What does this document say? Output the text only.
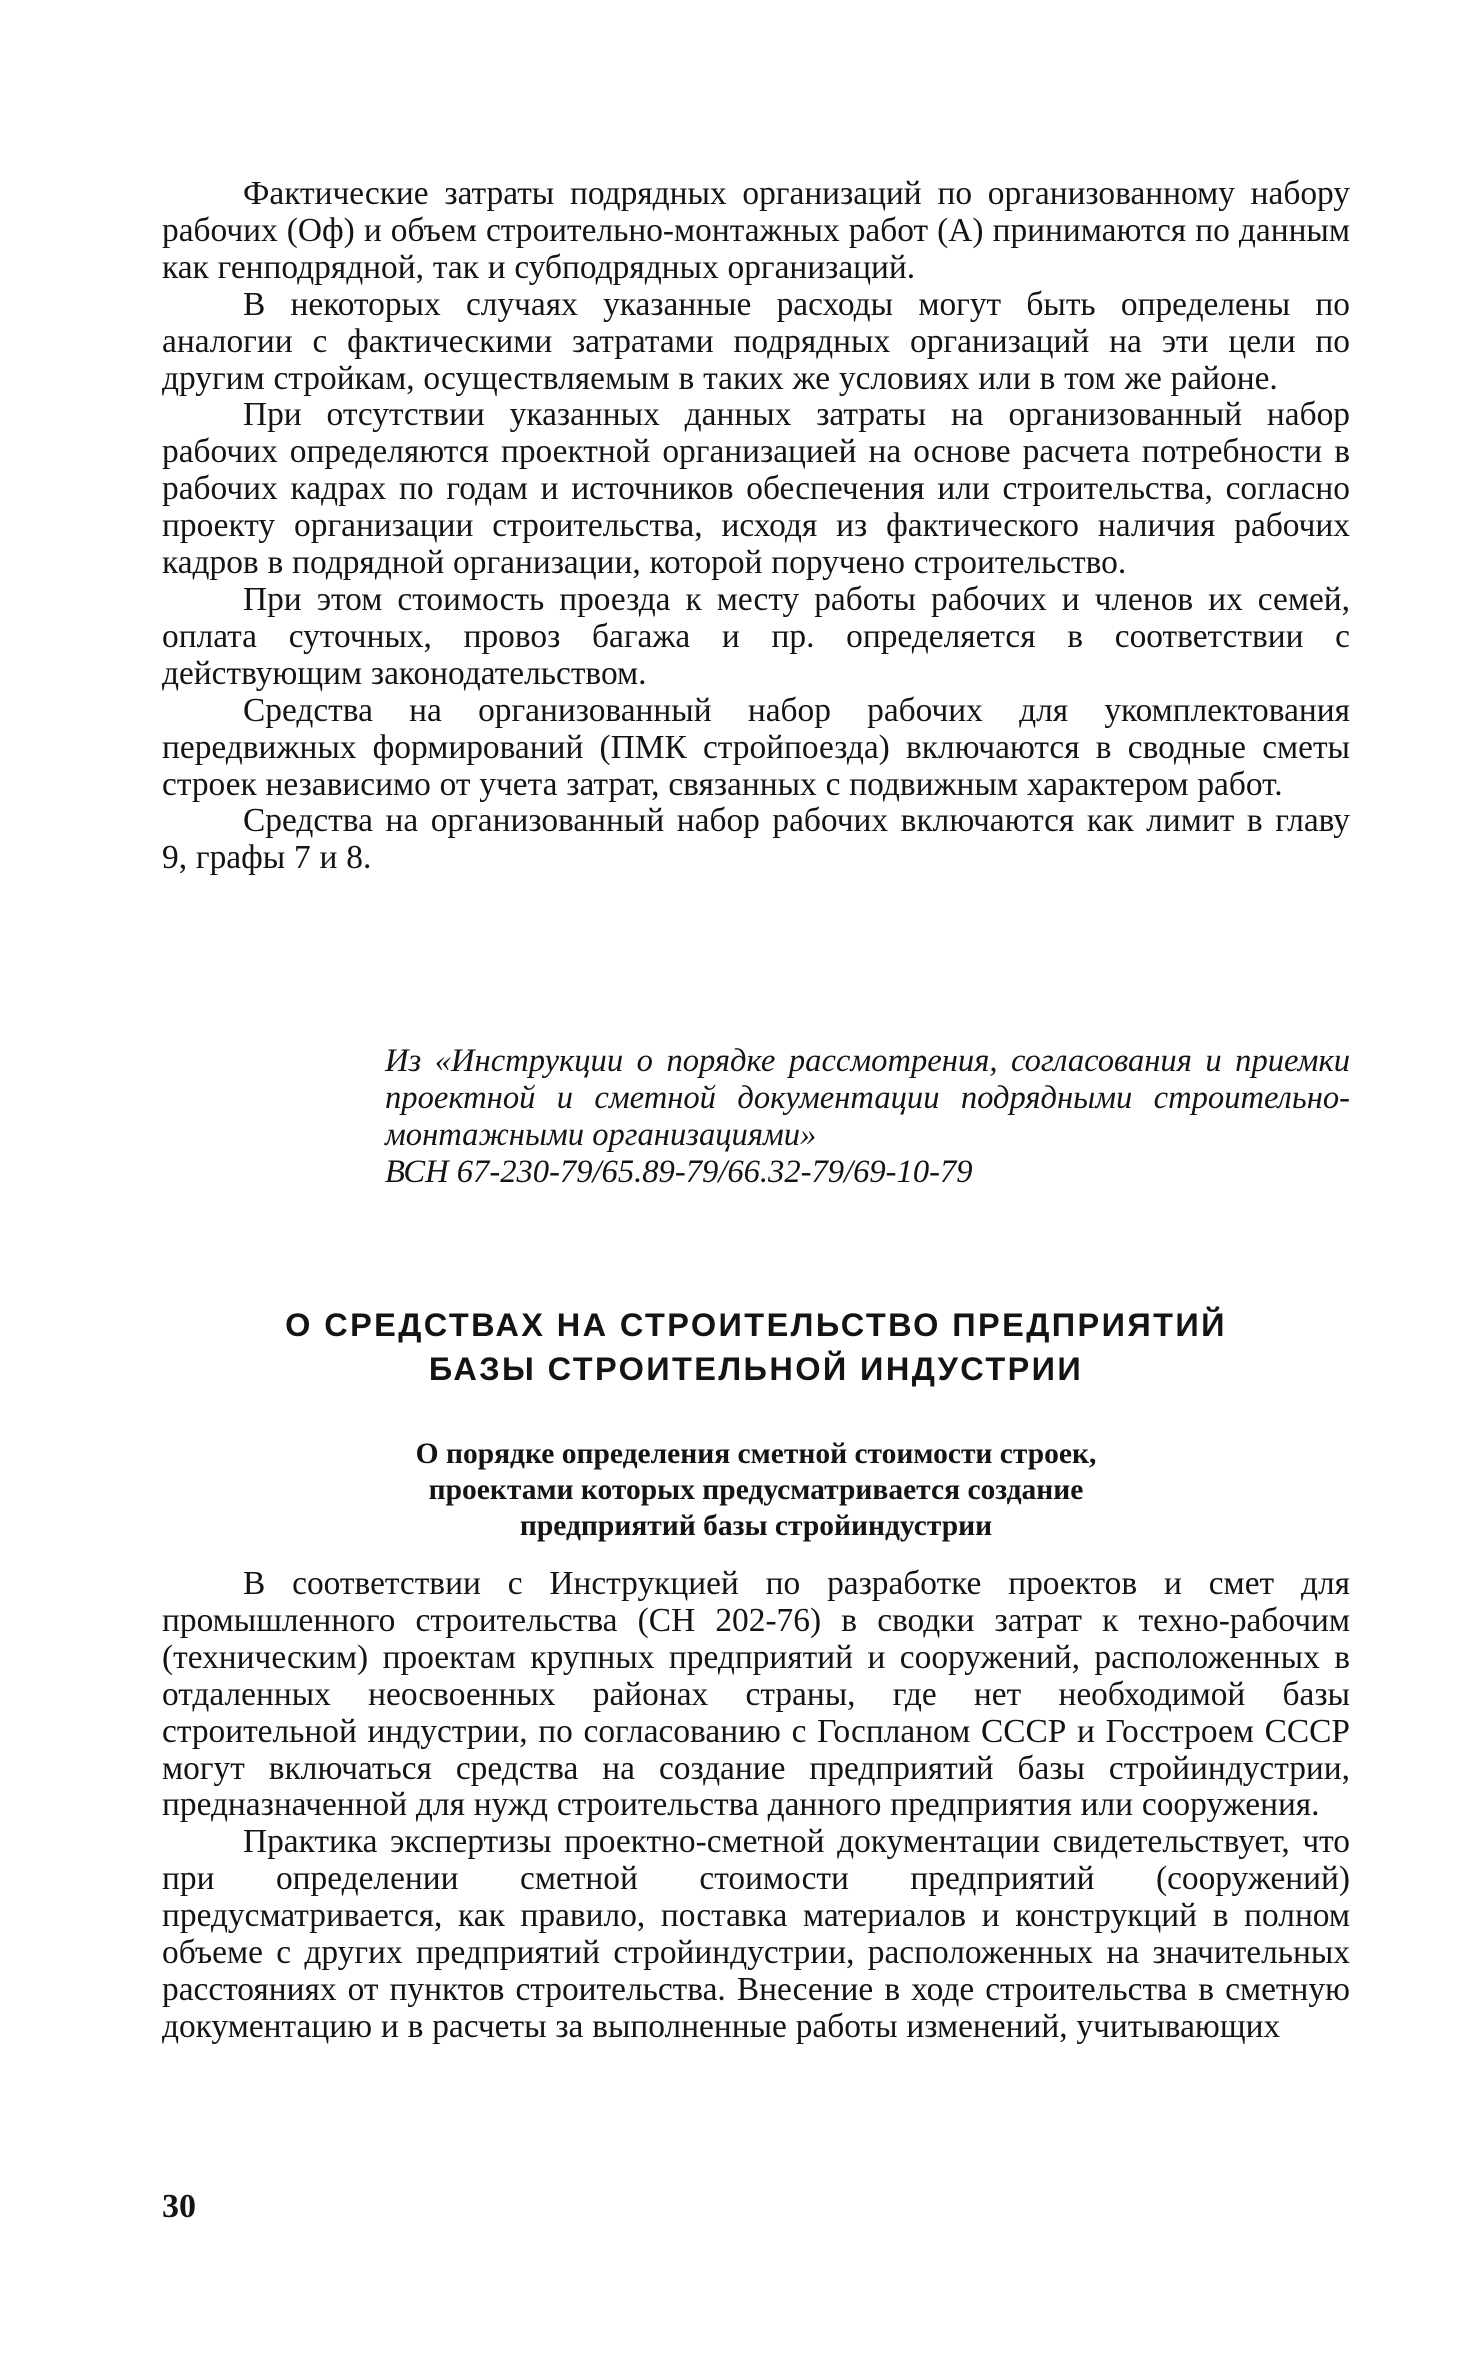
Фактические затраты подрядных организаций по организованному набору рабочих (Оф) и объем строительно-монтажных работ (А) принимаются по данным как генподрядной, так и субподрядных организаций.

В некоторых случаях указанные расходы могут быть определены по аналогии с фактическими затратами подрядных организаций на эти цели по другим стройкам, осуществляемым в таких же условиях или в том же районе.

При отсутствии указанных данных затраты на организованный набор рабочих определяются проектной организацией на основе расчета потребности в рабочих кадрах по годам и источников обеспечения или строительства, согласно проекту организации строительства, исходя из фактического наличия рабочих кадров в подрядной организации, которой поручено строительство.

При этом стоимость проезда к месту работы рабочих и членов их семей, оплата суточных, провоз багажа и пр. определяется в соответствии с действующим законодательством.

Средства на организованный набор рабочих для укомплектования передвижных формирований (ПМК стройпоезда) включаются в сводные сметы строек независимо от учета затрат, связанных с подвижным характером работ.

Средства на организованный набор рабочих включаются как лимит в главу 9, графы 7 и 8.

Из «Инструкции о порядке рассмотрения, согласования и приемки проектной и сметной документации подрядными строительно-монтажными организациями»
ВСН 67-230-79/65.89-79/66.32-79/69-10-79

О СРЕДСТВАХ НА СТРОИТЕЛЬСТВО ПРЕДПРИЯТИЙ
БАЗЫ СТРОИТЕЛЬНОЙ ИНДУСТРИИ
О порядке определения сметной стоимости строек,
проектами которых предусматривается создание
предприятий базы стройиндустрии

В соответствии с Инструкцией по разработке проектов и смет для промышленного строительства (СН 202-76) в сводки затрат к техно-рабочим (техническим) проектам крупных предприятий и сооружений, расположенных в отдаленных неосвоенных районах страны, где нет необходимой базы строительной индустрии, по согласованию с Госпланом СССР и Госстроем СССР могут включаться средства на создание предприятий базы стройиндустрии, предназначенной для нужд строительства данного предприятия или сооружения.

Практика экспертизы проектно-сметной документации свидетельствует, что при определении сметной стоимости предприятий (сооружений) предусматривается, как правило, поставка материалов и конструкций в полном объеме с других предприятий стройиндустрии, расположенных на значительных расстояниях от пунктов строительства. Внесение в ходе строительства в сметную документацию и в расчеты за выполненные работы изменений, учитывающих

30
